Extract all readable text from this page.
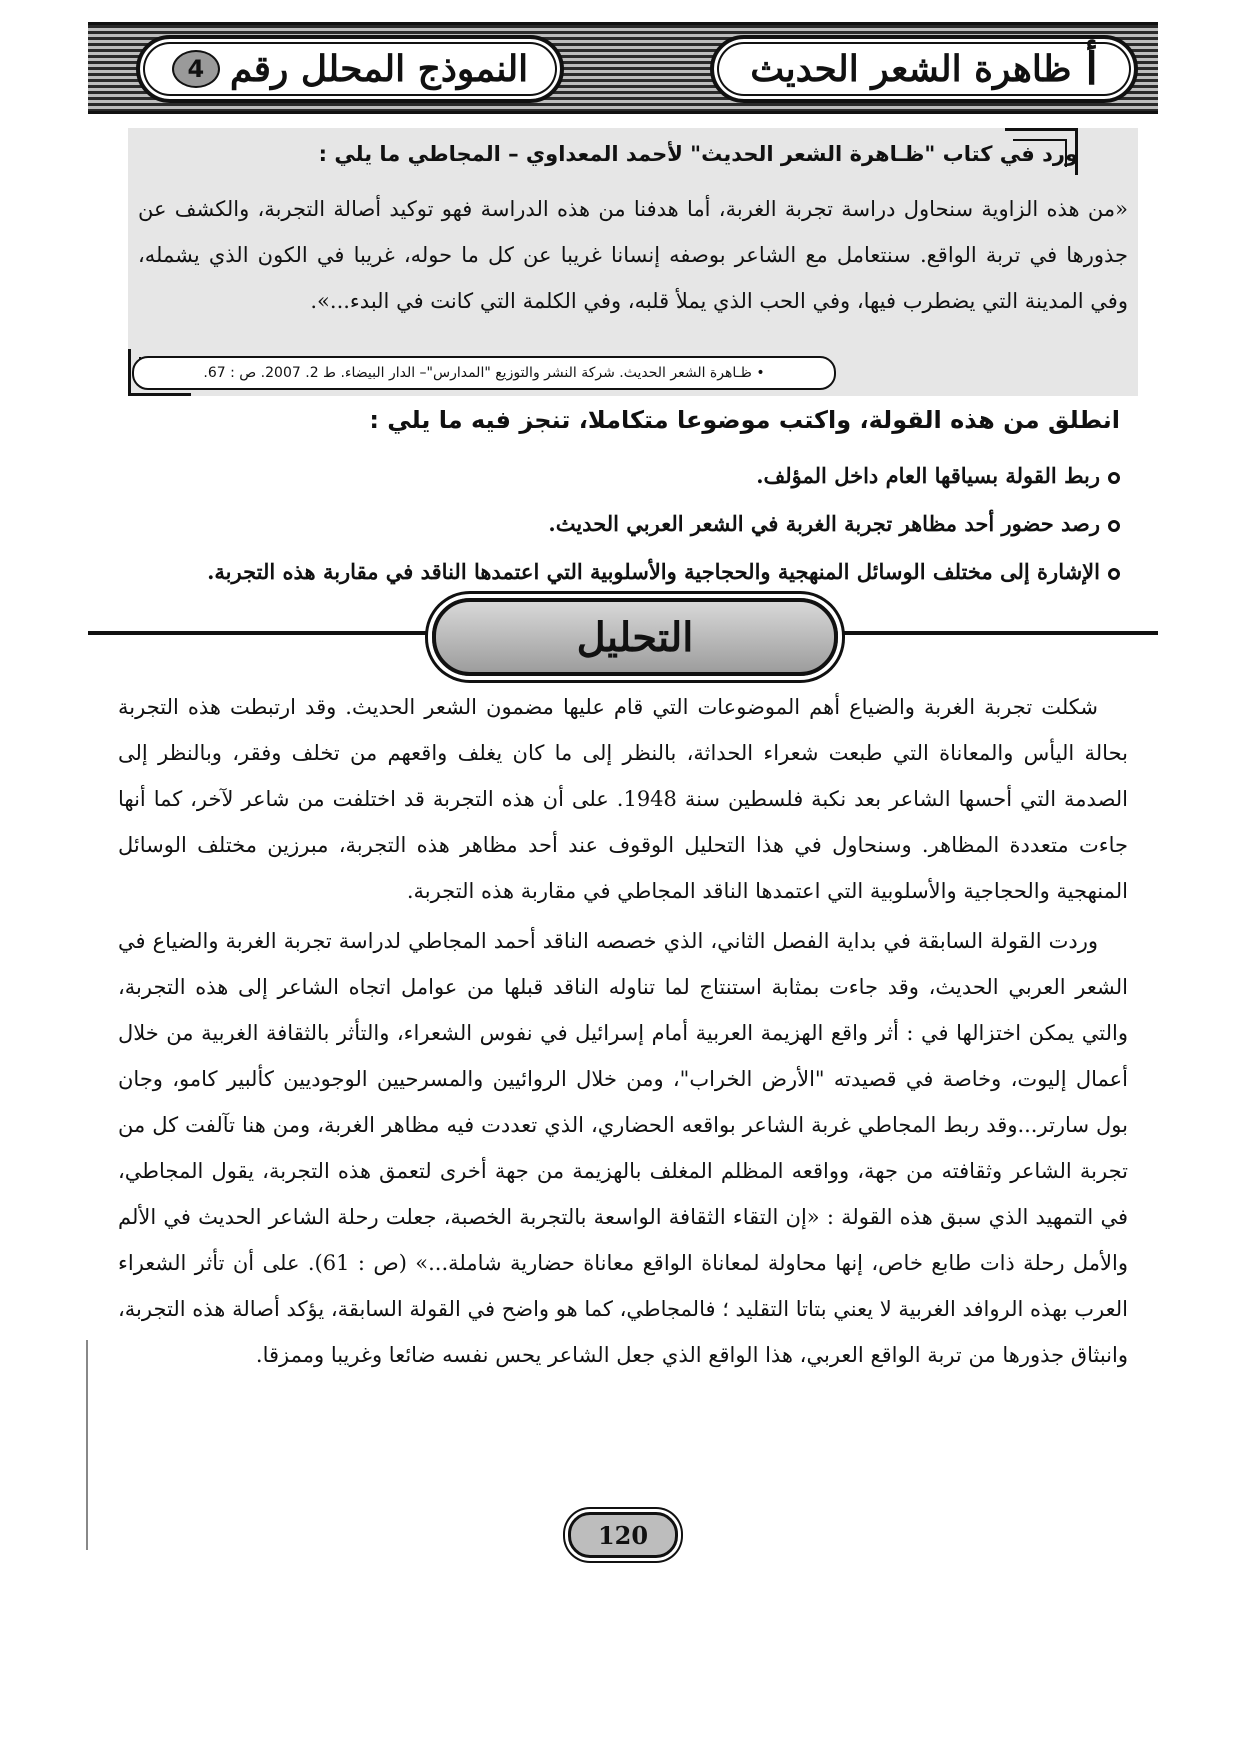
ظاهرة الشعر الحديث أ
4 النموذج المحلل رقم
ورد في كتاب "ظـاهرة الشعر الحديث" لأحمد المعداوي – المجاطي ما يلي :
«من هذه الزاوية سنحاول دراسة تجربة الغربة، أما هدفنا من هذه الدراسة فهو توكيد أصالة التجربة، والكشف عن جذورها في تربة الواقع. سنتعامل مع الشاعر بوصفه إنسانا غريبا عن كل ما حوله، غريبا في الكون الذي يشمله، وفي المدينة التي يضطرب فيها، وفي الحب الذي يملأ قلبه، وفي الكلمة التي كانت في البدء...».
• ظـاهرة الشعر الحديث. شركة النشر والتوزيع "المدارس"– الدار البيضاء. ط 2. 2007. ص : 67.
انطلق من هذه القولة، واكتب موضوعا متكاملا، تنجز فيه ما يلي :
ربط القولة بسياقها العام داخل المؤلف.
رصد حضور أحد مظاهر تجربة الغربة في الشعر العربي الحديث.
الإشارة إلى مختلف الوسائل المنهجية والحجاجية والأسلوبية التي اعتمدها الناقد في مقاربة هذه التجربة.
التحليل

شكلت تجربة الغربة والضياع أهم الموضوعات التي قام عليها مضمون الشعر الحديث. وقد ارتبطت هذه التجربة بحالة اليأس والمعاناة التي طبعت شعراء الحداثة، بالنظر إلى ما كان يغلف واقعهم من تخلف وفقر، وبالنظر إلى الصدمة التي أحسها الشاعر بعد نكبة فلسطين سنة 1948. على أن هذه التجربة قد اختلفت من شاعر لآخر، كما أنها جاءت متعددة المظاهر. وسنحاول في هذا التحليل الوقوف عند أحد مظاهر هذه التجربة، مبرزين مختلف الوسائل المنهجية والحجاجية والأسلوبية التي اعتمدها الناقد المجاطي في مقاربة هذه التجربة.

وردت القولة السابقة في بداية الفصل الثاني، الذي خصصه الناقد أحمد المجاطي لدراسة تجربة الغربة والضياع في الشعر العربي الحديث، وقد جاءت بمثابة استنتاج لما تناوله الناقد قبلها من عوامل اتجاه الشاعر إلى هذه التجربة، والتي يمكن اختزالها في : أثر واقع الهزيمة العربية أمام إسرائيل في نفوس الشعراء، والتأثر بالثقافة الغربية من خلال أعمال إليوت، وخاصة في قصيدته "الأرض الخراب"، ومن خلال الروائيين والمسرحيين الوجوديين كألبير كامو، وجان بول سارتر...وقد ربط المجاطي غربة الشاعر بواقعه الحضاري، الذي تعددت فيه مظاهر الغربة، ومن هنا تآلفت كل من تجربة الشاعر وثقافته من جهة، وواقعه المظلم المغلف بالهزيمة من جهة أخرى لتعمق هذه التجربة، يقول المجاطي، في التمهيد الذي سبق هذه القولة : «إن التقاء الثقافة الواسعة بالتجربة الخصبة، جعلت رحلة الشاعر الحديث في الألم والأمل رحلة ذات طابع خاص، إنها محاولة لمعاناة الواقع معاناة حضارية شاملة...» (ص : 61). على أن تأثر الشعراء العرب بهذه الروافد الغربية لا يعني بتاتا التقليد ؛ فالمجاطي، كما هو واضح في القولة السابقة، يؤكد أصالة هذه التجربة، وانبثاق جذورها من تربة الواقع العربي، هذا الواقع الذي جعل الشاعر يحس نفسه ضائعا وغريبا وممزقا.

120
